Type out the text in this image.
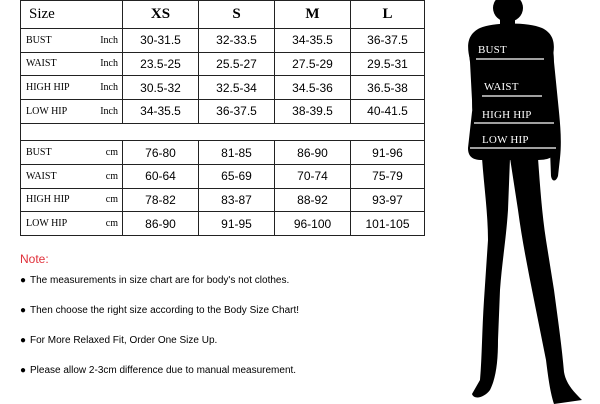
Size	XS	S	M	L

BUST Inch	30-31.5	32-33.5	34-35.5	36-37.5

WAIST Inch	23.5-25	25.5-27	27.5-29	29.5-31

HIGH HIP Inch	30.5-32	32.5-34	34.5-36	36.5-38

LOW HIP Inch	34-35.5	36-37.5	38-39.5	40-41.5

BUST cm	76-80	81-85	86-90	91-96

WAIST cm	60-64	65-69	70-74	75-79

HIGH HIP cm	78-82	83-87	88-92	93-97

LOW HIP cm	86-90	91-95	96-100	101-105
Note:
● The measurements in size chart are for body's not clothes.
● Then choose the right size according to the Body Size Chart!
● For More Relaxed Fit, Order One Size Up.
● Please allow 2-3cm difference due to manual measurement.
BUST
WAIST
HIGH HIP
LOW HIP
